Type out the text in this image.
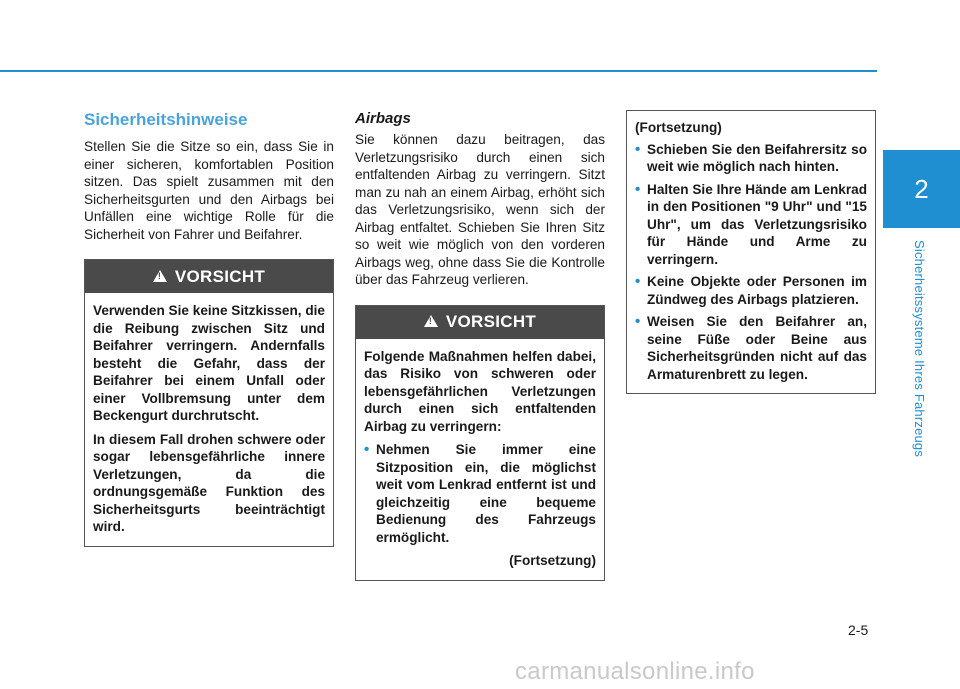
2
Sicherheitssysteme Ihres Fahrzeugs
Sicherheitshinweise

Stellen Sie die Sitze so ein, dass Sie in einer sicheren, komfortablen Position sitzen. Das spielt zusammen mit den Sicherheitsgurten und den Airbags bei Unfällen eine wichtige Rolle für die Sicherheit von Fahrer und Beifahrer.

!
VORSICHT

Verwenden Sie keine Sitzkissen, die die Reibung zwischen Sitz und Beifahrer verringern. Andernfalls besteht die Gefahr, dass der Beifahrer bei einem Unfall oder einer Vollbremsung unter dem Beckengurt durchrutscht.

In diesem Fall drohen schwere oder sogar lebensgefährliche innere Verletzungen, da die ordnungsgemäße Funktion des Sicherheitsgurts beeinträchtigt wird.

Airbags

Sie können dazu beitragen, das Verletzungsrisiko durch einen sich entfaltenden Airbag zu verringern. Sitzt man zu nah an einem Airbag, erhöht sich das Verletzungsrisiko, wenn sich der Airbag entfaltet. Schieben Sie Ihren Sitz so weit wie möglich von den vorderen Airbags weg, ohne dass Sie die Kontrolle über das Fahrzeug verlieren.

!
VORSICHT

Folgende Maßnahmen helfen dabei, das Risiko von schweren oder lebensgefährlichen Verletzungen durch einen sich entfaltenden Airbag zu verringern:

• Nehmen Sie immer eine Sitzposition ein, die möglichst weit vom Lenkrad entfernt ist und gleichzeitig eine bequeme Bedienung des Fahrzeugs ermöglicht.

(Fortsetzung)

(Fortsetzung)

• Schieben Sie den Beifahrersitz so weit wie möglich nach hinten.
• Halten Sie Ihre Hände am Lenkrad in den Positionen "9 Uhr" und "15 Uhr", um das Verletzungsrisiko für Hände und Arme zu verringern.
• Keine Objekte oder Personen im Zündweg des Airbags platzieren.
• Weisen Sie den Beifahrer an, seine Füße oder Beine aus Sicherheitsgründen nicht auf das Armaturenbrett zu legen.
2-5
carmanualsonline.info
